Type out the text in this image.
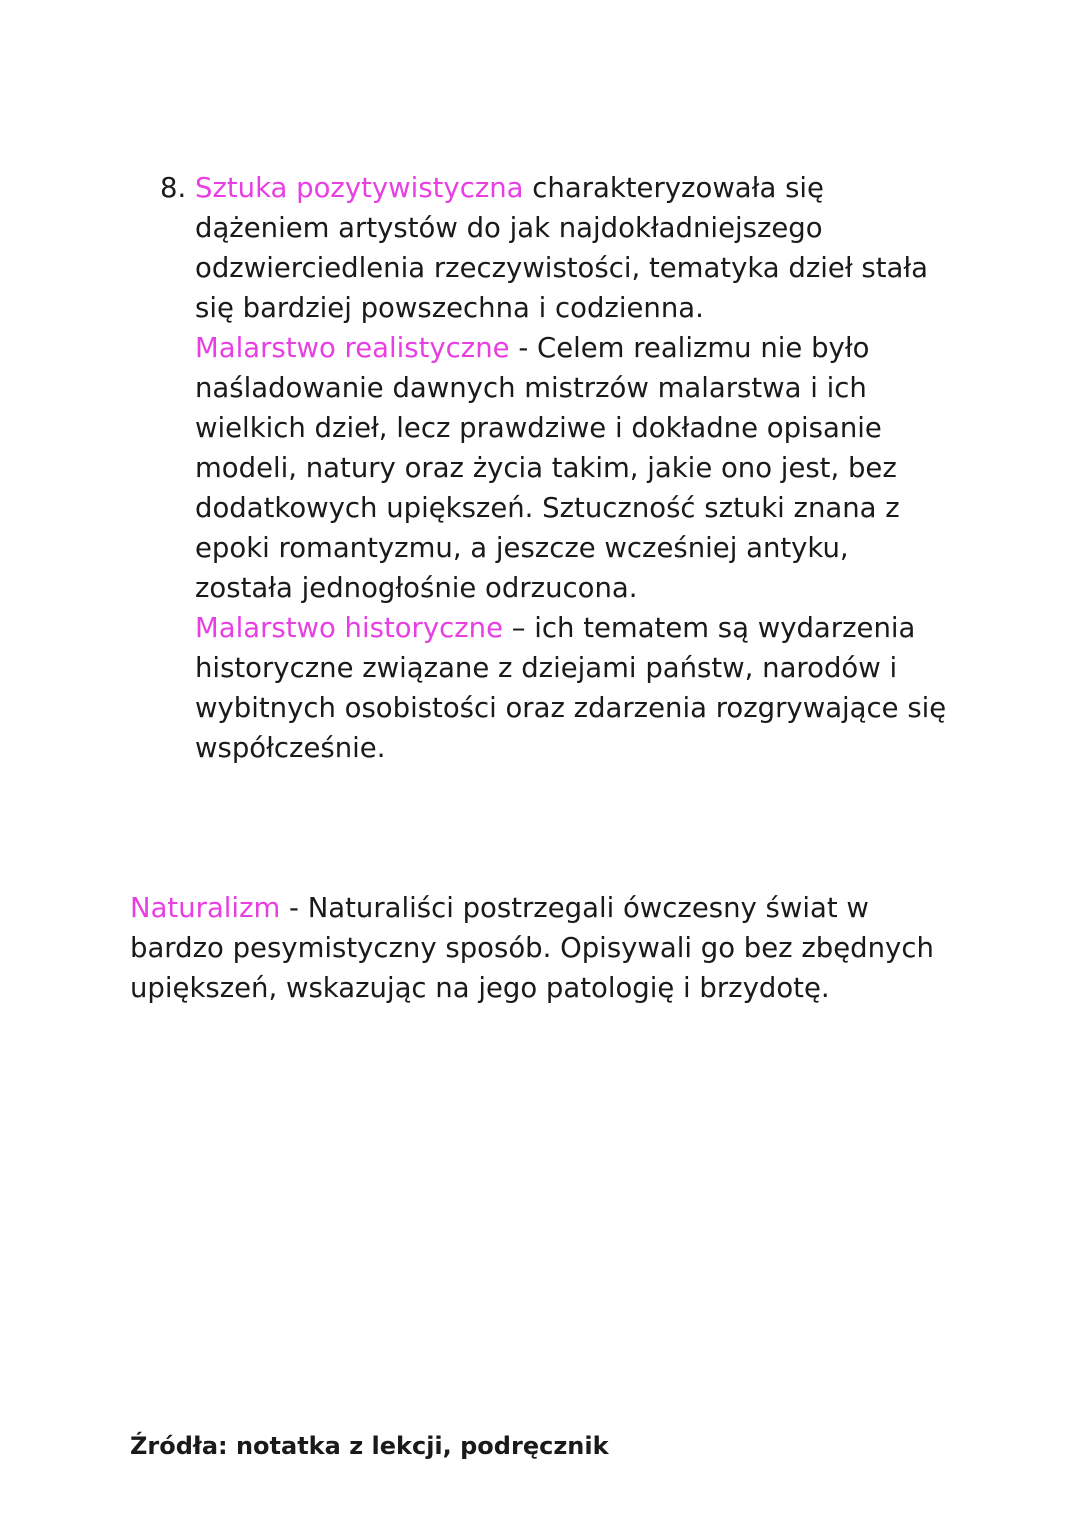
8. Sztuka pozytywistyczna charakteryzowała się dążeniem artystów do jak najdokładniejszego odzwierciedlenia rzeczywistości, tematyka dzieł stała się bardziej powszechna i codzienna.

Malarstwo realistyczne - Celem realizmu nie było naśladowanie dawnych mistrzów malarstwa i ich wielkich dzieł, lecz prawdziwe i dokładne opisanie modeli, natury oraz życia takim, jakie ono jest, bez dodatkowych upiększeń. Sztuczność sztuki znana z epoki romantyzmu, a jeszcze wcześniej antyku, została jednogłośnie odrzucona.

Malarstwo historyczne – ich tematem są wydarzenia historyczne związane z dziejami państw, narodów i wybitnych osobistości oraz zdarzenia rozgrywające się współcześnie.

Naturalizm - Naturaliści postrzegali ówczesny świat w bardzo pesymistyczny sposób. Opisywali go bez zbędnych upiększeń, wskazując na jego patologię i brzydotę.

Źródła: notatka z lekcji, podręcznik
